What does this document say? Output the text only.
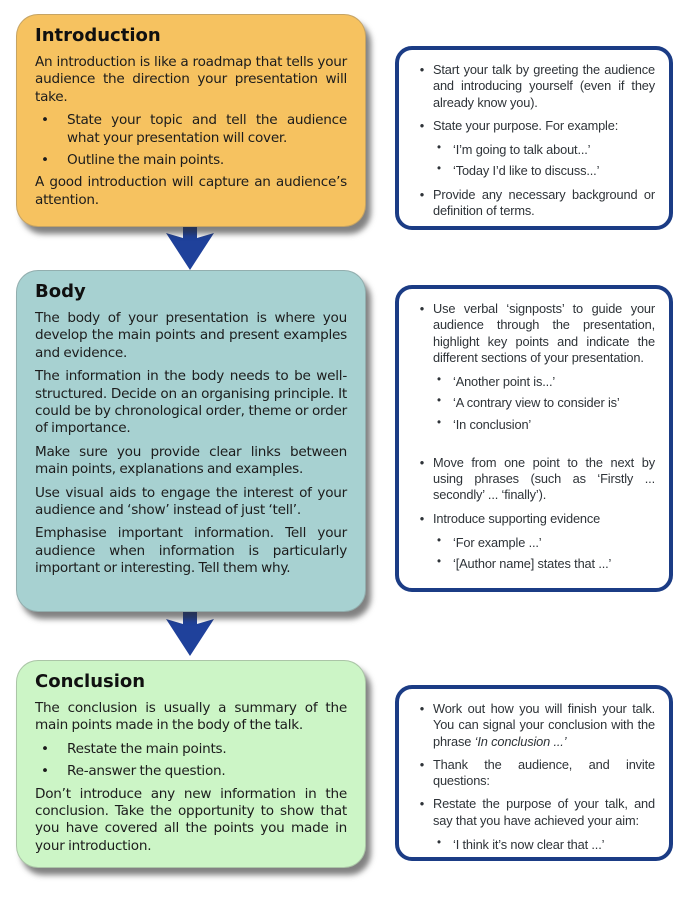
Introduction

An introduction is like a roadmap that tells your audience the direction your presentation will take.

•	State your topic and tell the audience what your presentation will cover.
•	Outline the main points.

A good introduction will capture an audience’s attention.

Body

The body of your presentation is where you develop the main points and present examples and evidence.

The information in the body needs to be well-structured. Decide on an organising principle. It could be by chronological order, theme or order of importance.

Make sure you provide clear links between main points, explanations and examples.

Use visual aids to engage the interest of your audience and ‘show’ instead of just ‘tell’.

Emphasise important information. Tell your audience when information is particularly important or interesting. Tell them why.

Conclusion

The conclusion is usually a summary of the main points made in the body of the talk.

•	Restate the main points.
•	Re-answer the question.

Don’t introduce any new information in the conclusion. Take the opportunity to show that you have covered all the points you made in your introduction.

• Start your talk by greeting the audience and introducing yourself (even if they already know you).
• State your purpose. For example:
• ‘I’m going to talk about...’
• ‘Today I’d like to discuss...’
• Provide any necessary background or definition of terms.
• Use verbal ‘signposts’ to guide your audience through the presentation, highlight key points and indicate the different sections of your presentation.
• ‘Another point is...’
• ‘A contrary view to consider is’
• ‘In conclusion’
• Move from one point to the next by using phrases (such as ‘Firstly ... secondly’ ... ‘finally’).
• Introduce supporting evidence
• ‘For example ...’
• ‘[Author name] states that ...’
• Work out how you will finish your talk. You can signal your conclusion with the phrase ‘In conclusion ...’
• Thank the audience, and invite questions:
• Restate the purpose of your talk, and say that you have achieved your aim:
• ‘I think it’s now clear that ...’
